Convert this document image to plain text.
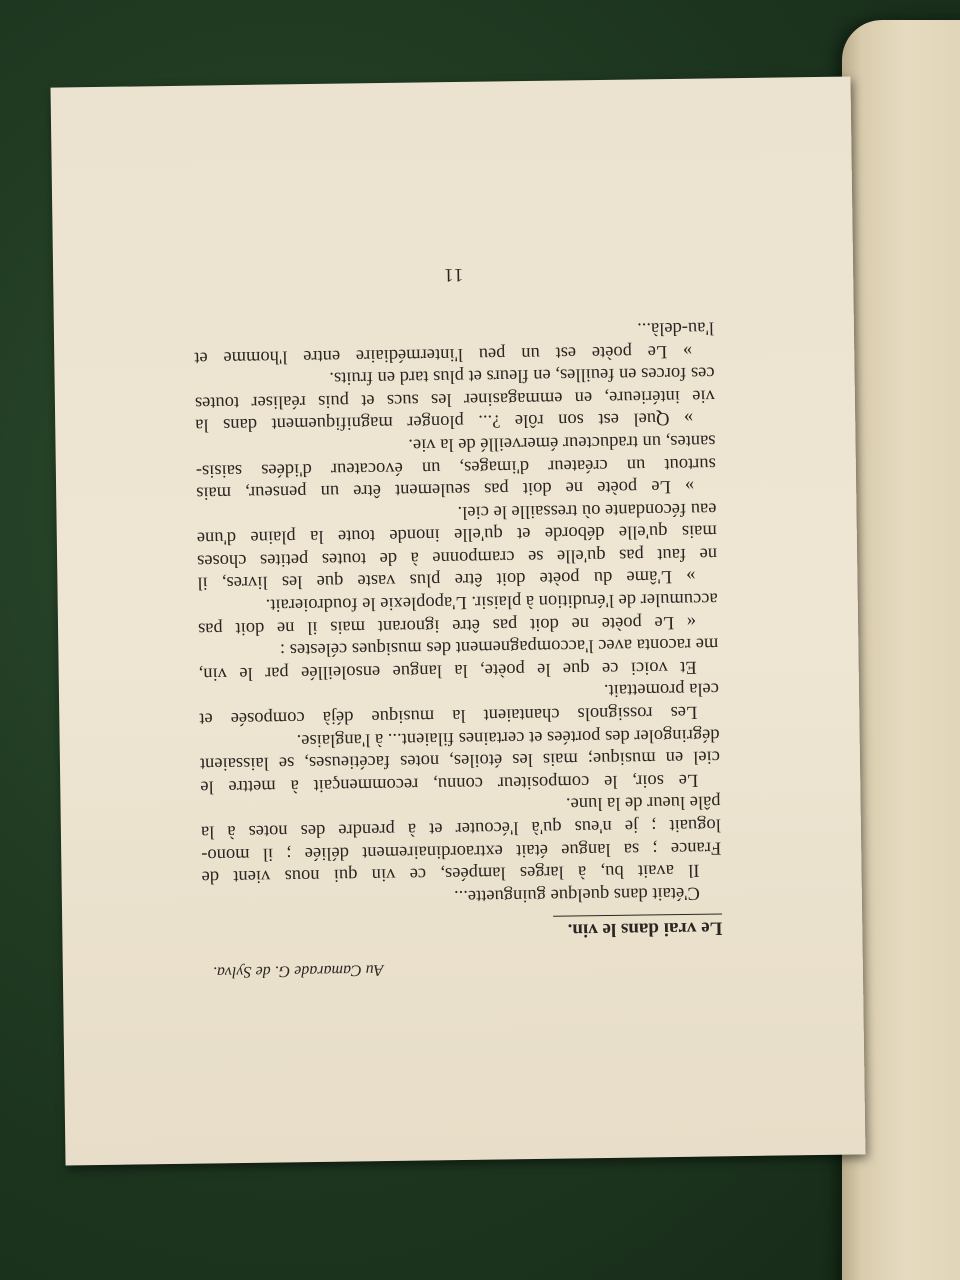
Au Camarade G. de Sylva.
Le vrai dans le vin.
C'était dans quelque guinguette...
Il avait bu, à larges lampées, ce vin qui nous vient de
France ; sa langue était extraordinairement déliée ; il mono-
loguait ; je n'eus qu'à l'écouter et à prendre des notes à la
pâle lueur de la lune.
Le soir, le compositeur connu, recommençait à mettre le
ciel en musique; mais les étoiles, notes facétieuses, se laissaient
dégringoler des portées et certaines filaient... à l'anglaise.
Les rossignols chantaient la musique déjà composée et
cela promettait.
Et voici ce que le poète, la langue ensoleillée par le vin,
me raconta avec l'accompagnement des musiques célestes :
« Le poète ne doit pas être ignorant mais il ne doit pas
accumuler de l'érudition à plaisir. L'apoplexie le foudroierait.
» L'âme du poète doit être plus vaste que les livres, il
ne faut pas qu'elle se cramponne à de toutes petites choses
mais qu'elle déborde et qu'elle inonde toute la plaine d'une
eau fécondante où tressaille le ciel.
» Le poète ne doit pas seulement être un penseur, mais
surtout un créateur d'images, un évocateur d'idées saisis-
santes, un traducteur émerveillé de la vie.
» Quel est son rôle ?... plonger magnifiquement dans la
vie intérieure, en emmagasiner les sucs et puis réaliser toutes
ces forces en feuilles, en fleurs et plus tard en fruits.
» Le poète est un peu l'intermédiaire entre l'homme et
l'au-delà...
11
